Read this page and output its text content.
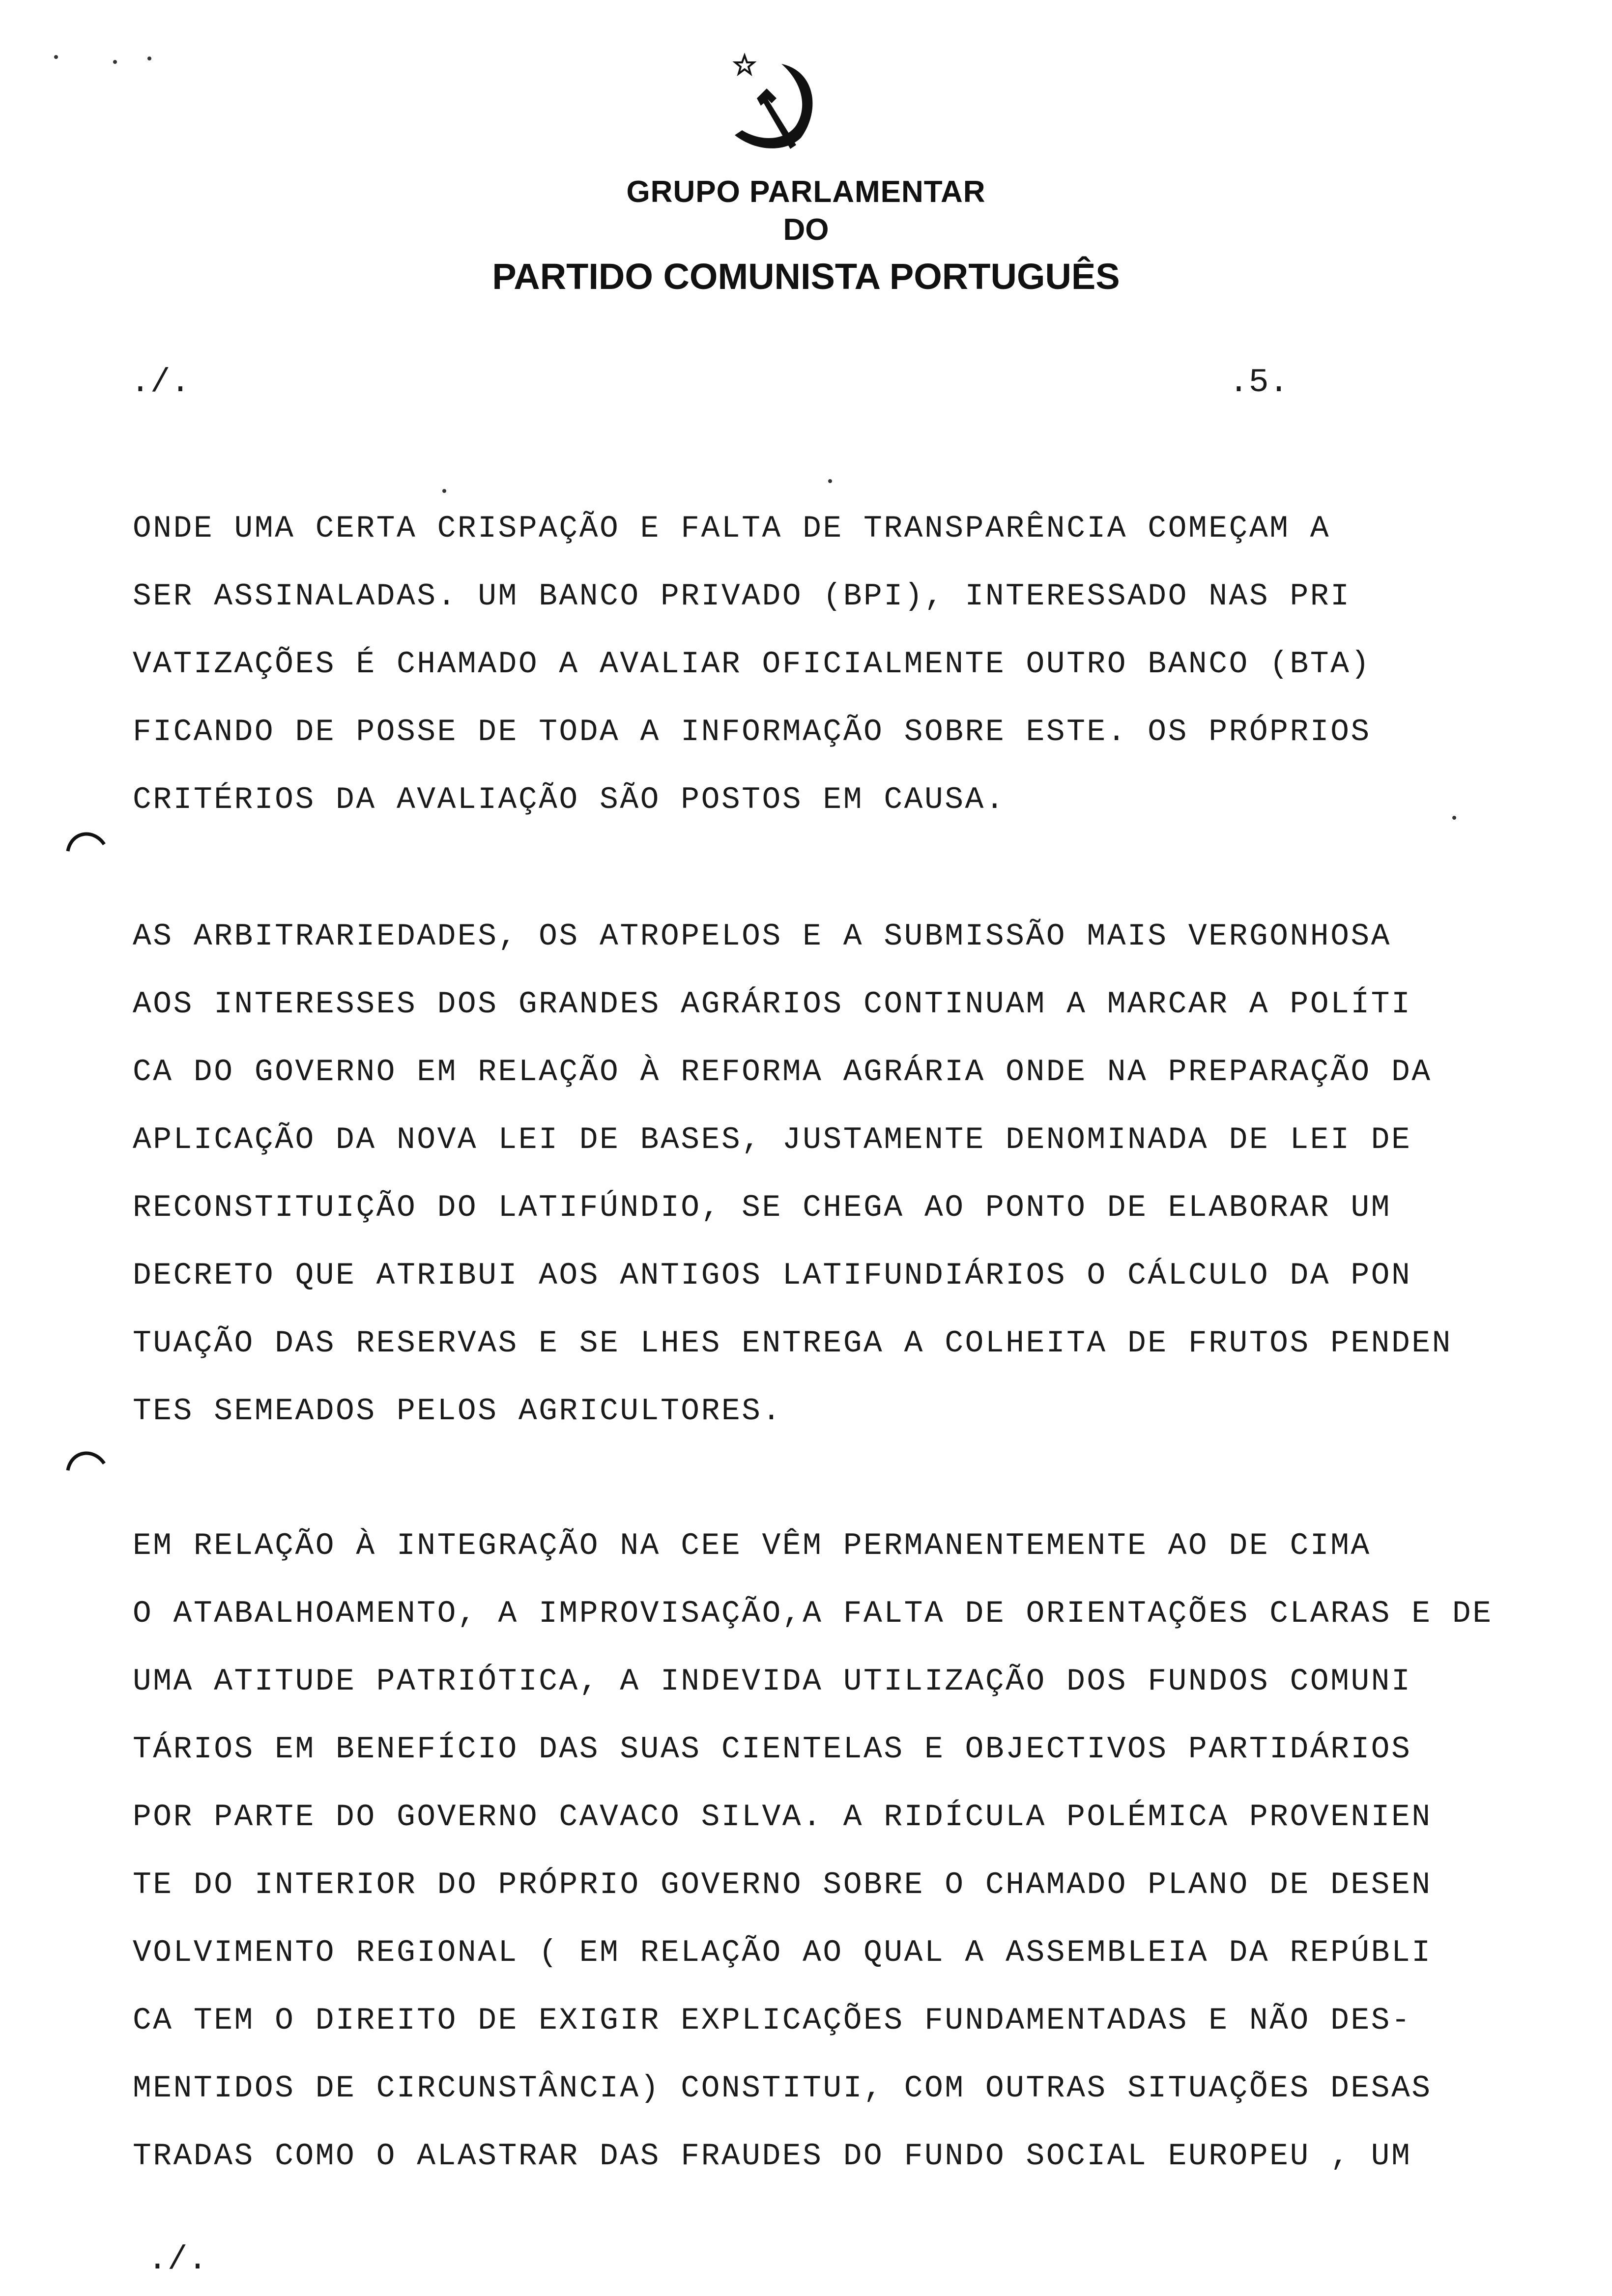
GRUPO PARLAMENTAR
DO
PARTIDO COMUNISTA PORTUGUÊS
./.	.5.
ONDE UMA CERTA CRISPAÇÃO E FALTA DE TRANSPARÊNCIA COMEÇAM A
SER ASSINALADAS. UM BANCO PRIVADO (BPI), INTERESSADO NAS PRI
VATIZAÇÕES É CHAMADO A AVALIAR OFICIALMENTE OUTRO BANCO (BTA)
FICANDO DE POSSE DE TODA A INFORMAÇÃO SOBRE ESTE. OS PRÓPRIOS
CRITÉRIOS DA AVALIAÇÃO SÃO POSTOS EM CAUSA.
AS ARBITRARIEDADES, OS ATROPELOS E A SUBMISSÃO MAIS VERGONHOSA
AOS INTERESSES DOS GRANDES AGRÁRIOS CONTINUAM A MARCAR A POLÍTI
CA DO GOVERNO EM RELAÇÃO À REFORMA AGRÁRIA ONDE NA PREPARAÇÃO DA
APLICAÇÃO DA NOVA LEI DE BASES, JUSTAMENTE DENOMINADA DE LEI DE
RECONSTITUIÇÃO DO LATIFÚNDIO, SE CHEGA AO PONTO DE ELABORAR UM
DECRETO QUE ATRIBUI AOS ANTIGOS LATIFUNDIÁRIOS O CÁLCULO DA PON
TUAÇÃO DAS RESERVAS E SE LHES ENTREGA A COLHEITA DE FRUTOS PENDEN
TES SEMEADOS PELOS AGRICULTORES.
EM RELAÇÃO À INTEGRAÇÃO NA CEE VÊM PERMANENTEMENTE AO DE CIMA
O ATABALHOAMENTO, A IMPROVISAÇÃO,A FALTA DE ORIENTAÇÕES CLARAS E DE
UMA ATITUDE PATRIÓTICA, A INDEVIDA UTILIZAÇÃO DOS FUNDOS COMUNI
TÁRIOS EM BENEFÍCIO DAS SUAS CIENTELAS E OBJECTIVOS PARTIDÁRIOS
POR PARTE DO GOVERNO CAVACO SILVA. A RIDÍCULA POLÉMICA PROVENIEN
TE DO INTERIOR DO PRÓPRIO GOVERNO SOBRE O CHAMADO PLANO DE DESEN
VOLVIMENTO REGIONAL ( EM RELAÇÃO AO QUAL A ASSEMBLEIA DA REPÚBLI
CA TEM O DIREITO DE EXIGIR EXPLICAÇÕES FUNDAMENTADAS E NÃO DES-
MENTIDOS DE CIRCUNSTÂNCIA) CONSTITUI, COM OUTRAS SITUAÇÕES DESAS
TRADAS COMO O ALASTRAR DAS FRAUDES DO FUNDO SOCIAL EUROPEU , UM
./.
